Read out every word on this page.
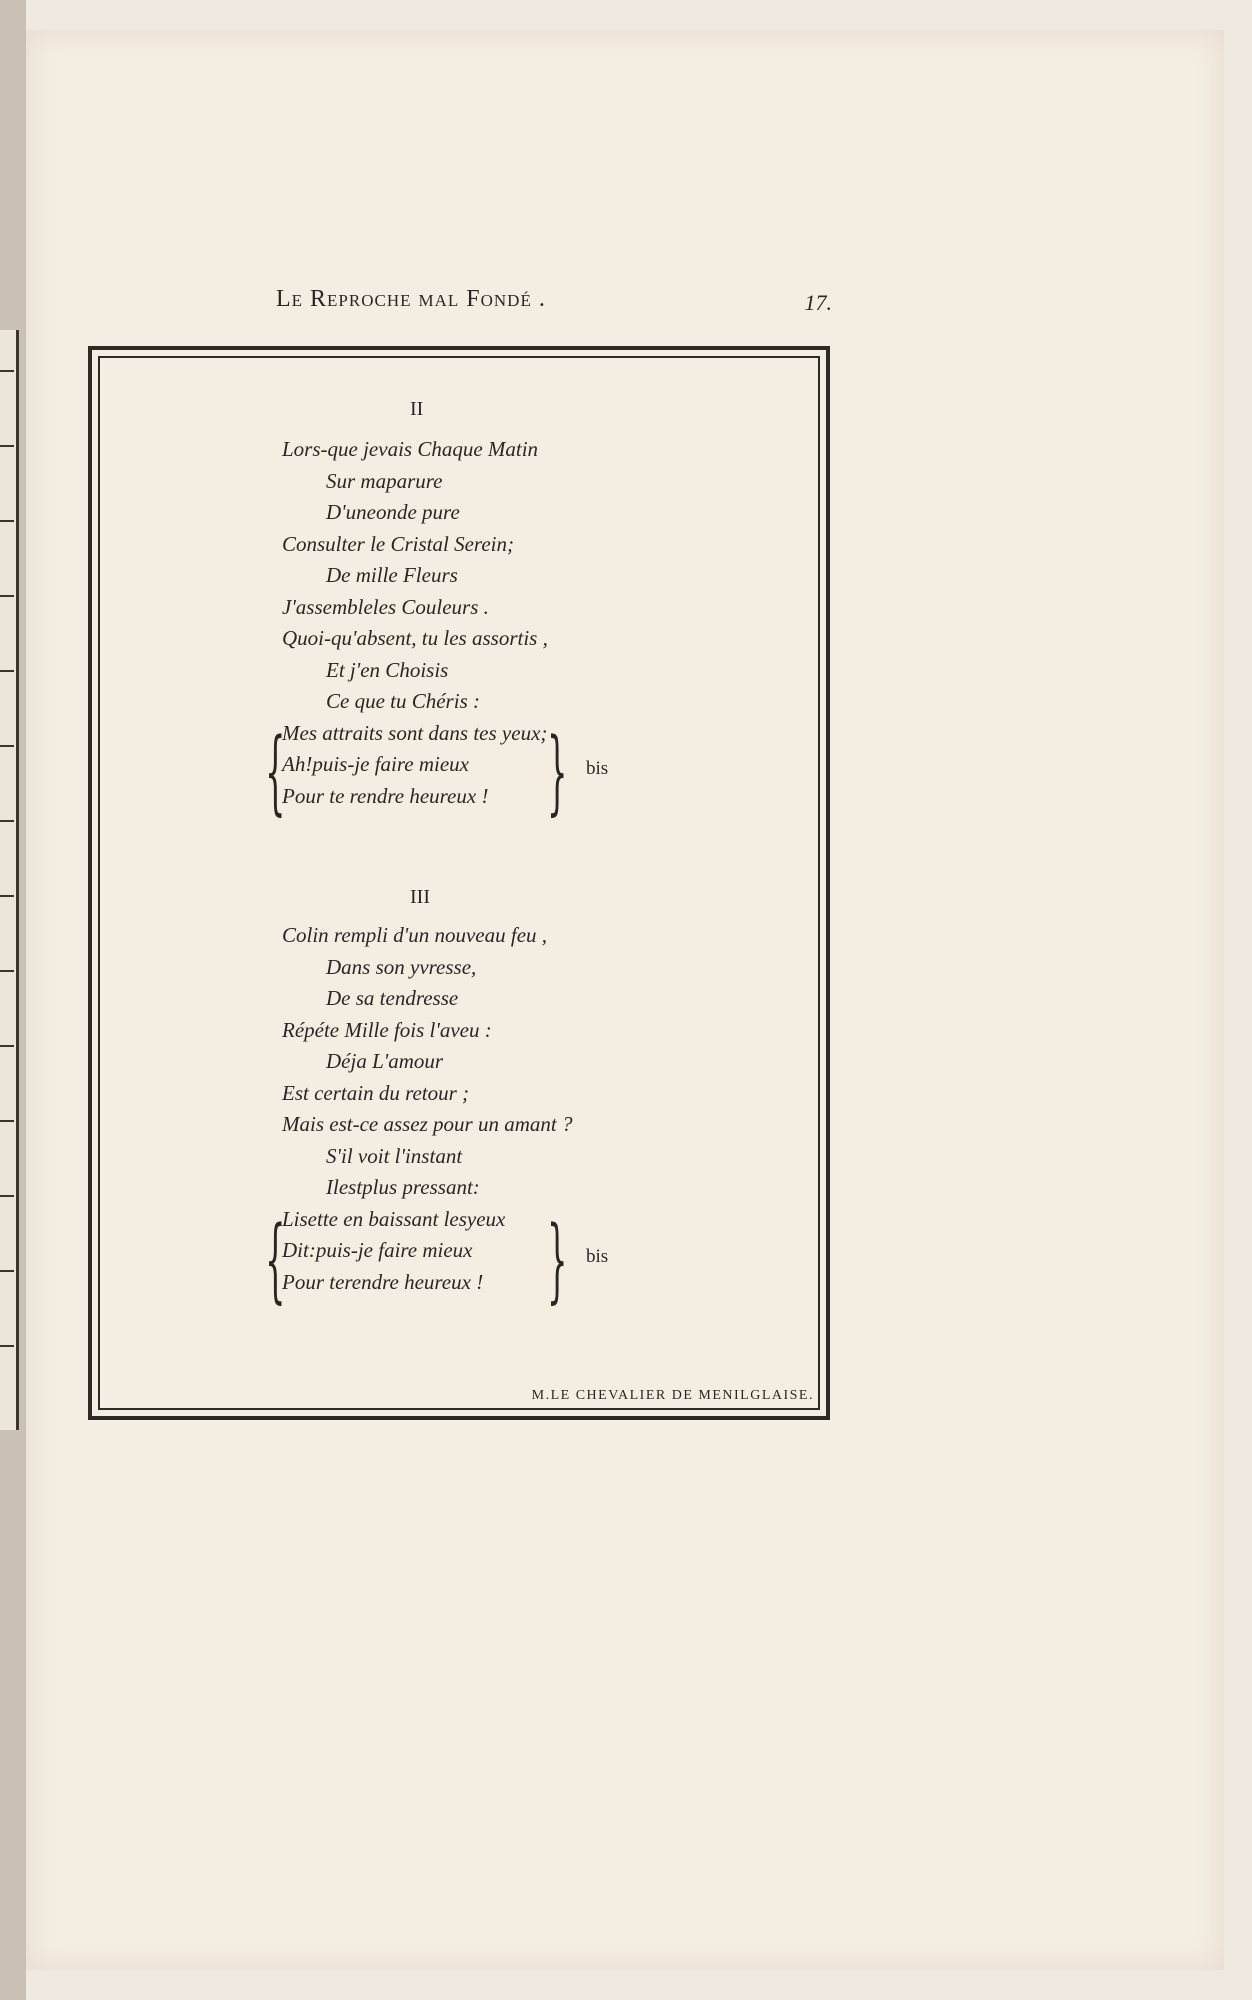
Le Reproche mal Fondé .	17.
II
Lors-que jevais Chaque Matin
Sur maparure
D'uneonde pure
Consulter le Cristal Serein;
De mille Fleurs
J'assembleles Couleurs .
Quoi-qu'absent, tu les assortis ,
Et j'en Choisis
Ce que tu Chéris :
Mes attraits sont dans tes yeux;
Ah!puis-je faire mieux
Pour te rendre heureux !
{	} bis
III
Colin rempli d'un nouveau feu ,
Dans son yvresse,
De sa tendresse
Répéte Mille fois l'aveu :
Déja L'amour
Est certain du retour ;
Mais est-ce assez pour un amant ?
S'il voit l'instant
Ilestplus pressant:
Lisette en baissant lesyeux
Dit:puis-je faire mieux
Pour terendre heureux !
{	} bis
M.LE CHEVALIER DE MENILGLAISE.
